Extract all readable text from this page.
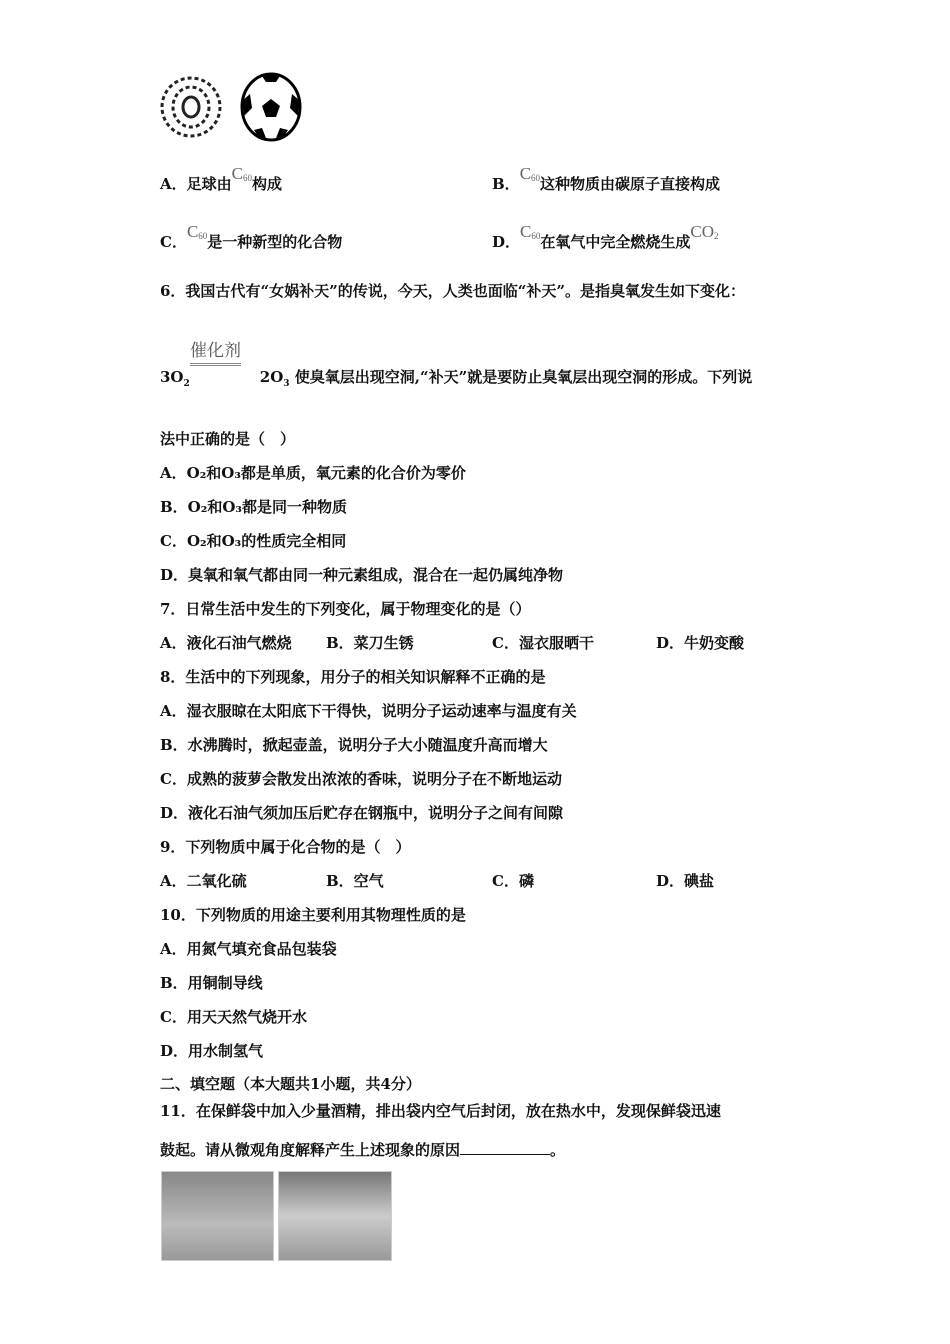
A．足球由$C_{60}$构成	B．$C_{60}$这种物质由碳原子直接构成
C．$C_{60}$是一种新型的化合物	D．$C_{60}$在氧气中完全燃烧生成$CO_2$
6．我国古代有“女娲补天”的传说，今天，人类也面临“补天”。是指臭氧发生如下变化：
催化剂
$3O_2$	$2O_3$ 使臭氧层出现空洞,“补天”就是要防止臭氧层出现空洞的形成。下列说
法中正确的是（　）
A．O₂和O₃都是单质，氧元素的化合价为零价
B．O₂和O₃都是同一种物质
C．O₂和O₃的性质完全相同
D．臭氧和氧气都由同一种元素组成，混合在一起仍属纯净物
7．日常生活中发生的下列变化，属于物理变化的是（）
A．液化石油气燃烧 B．菜刀生锈	C．湿衣服晒干	D．牛奶变酸
8．生活中的下列现象，用分子的相关知识解释不正确的是
A．湿衣服晾在太阳底下干得快，说明分子运动速率与温度有关
B．水沸腾时，掀起壶盖，说明分子大小随温度升高而增大
C．成熟的菠萝会散发出浓浓的香味，说明分子在不断地运动
D．液化石油气须加压后贮存在钢瓶中，说明分子之间有间隙
9．下列物质中属于化合物的是（　）
A．二氧化硫	B．空气	C．磷	D．碘盐
10．下列物质的用途主要利用其物理性质的是
A．用氮气填充食品包装袋
B．用铜制导线
C．用天天然气烧开水
D．用水制氢气
二、填空题（本大题共1小题，共4分）
11．在保鲜袋中加入少量酒精，排出袋内空气后封闭，放在热水中，发现保鲜袋迅速
鼓起。请从微观角度解释产生上述现象的原因	。
